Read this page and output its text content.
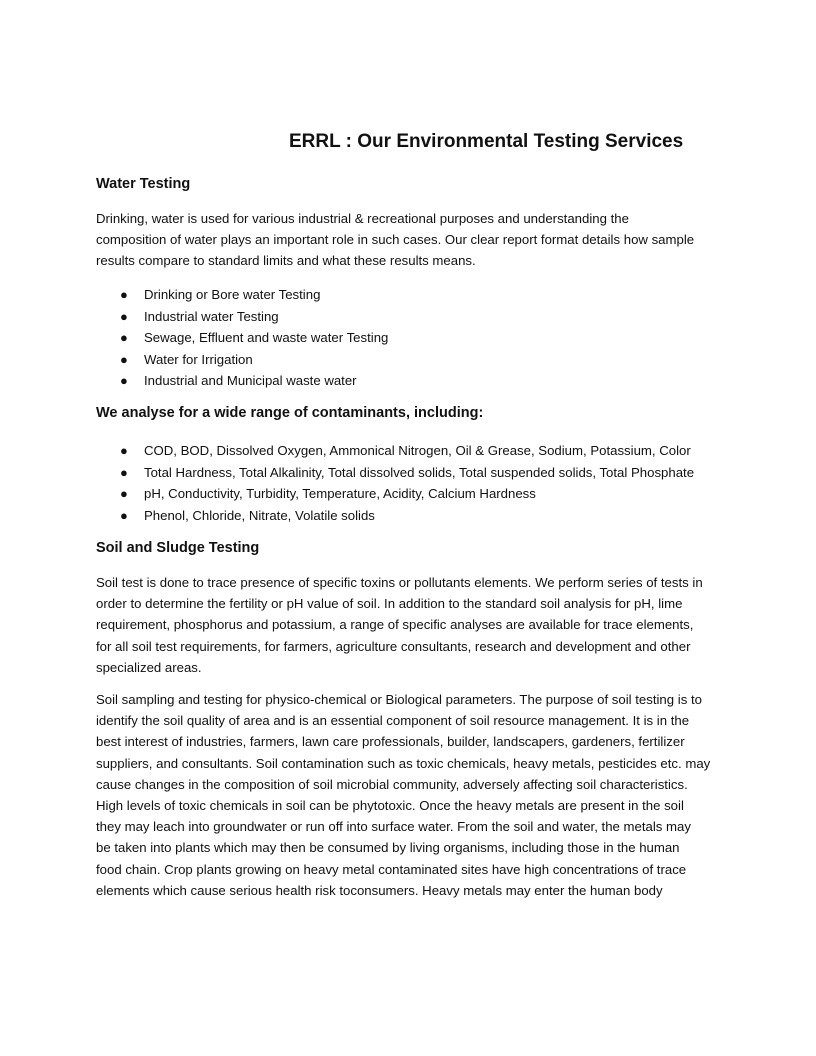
ERRL : Our Environmental Testing Services
Water Testing
Drinking, water is used for various industrial & recreational purposes and understanding the
composition of water plays an important role in such cases. Our clear report format details how sample
results compare to standard limits and what these results means.
● Drinking or Bore water Testing
● Industrial water Testing
● Sewage, Effluent and waste water Testing
● Water for Irrigation
● Industrial and Municipal waste water
We analyse for a wide range of contaminants, including:
● COD, BOD, Dissolved Oxygen, Ammonical Nitrogen, Oil & Grease, Sodium, Potassium, Color
● Total Hardness, Total Alkalinity, Total dissolved solids, Total suspended solids, Total Phosphate
● pH, Conductivity, Turbidity, Temperature, Acidity, Calcium Hardness
● Phenol, Chloride, Nitrate, Volatile solids
Soil and Sludge Testing
Soil test is done to trace presence of specific toxins or pollutants elements. We perform series of tests in
order to determine the fertility or pH value of soil. In addition to the standard soil analysis for pH, lime
requirement, phosphorus and potassium, a range of specific analyses are available for trace elements,
for all soil test requirements, for farmers, agriculture consultants, research and development and other
specialized areas.
Soil sampling and testing for physico-chemical or Biological parameters. The purpose of soil testing is to
identify the soil quality of area and is an essential component of soil resource management. It is in the
best interest of industries, farmers, lawn care professionals, builder, landscapers, gardeners, fertilizer
suppliers, and consultants. Soil contamination such as toxic chemicals, heavy metals, pesticides etc. may
cause changes in the composition of soil microbial community, adversely affecting soil characteristics.
High levels of toxic chemicals in soil can be phytotoxic. Once the heavy metals are present in the soil
they may leach into groundwater or run off into surface water. From the soil and water, the metals may
be taken into plants which may then be consumed by living organisms, including those in the human
food chain. Crop plants growing on heavy metal contaminated sites have high concentrations of trace
elements which cause serious health risk toconsumers. Heavy metals may enter the human body
